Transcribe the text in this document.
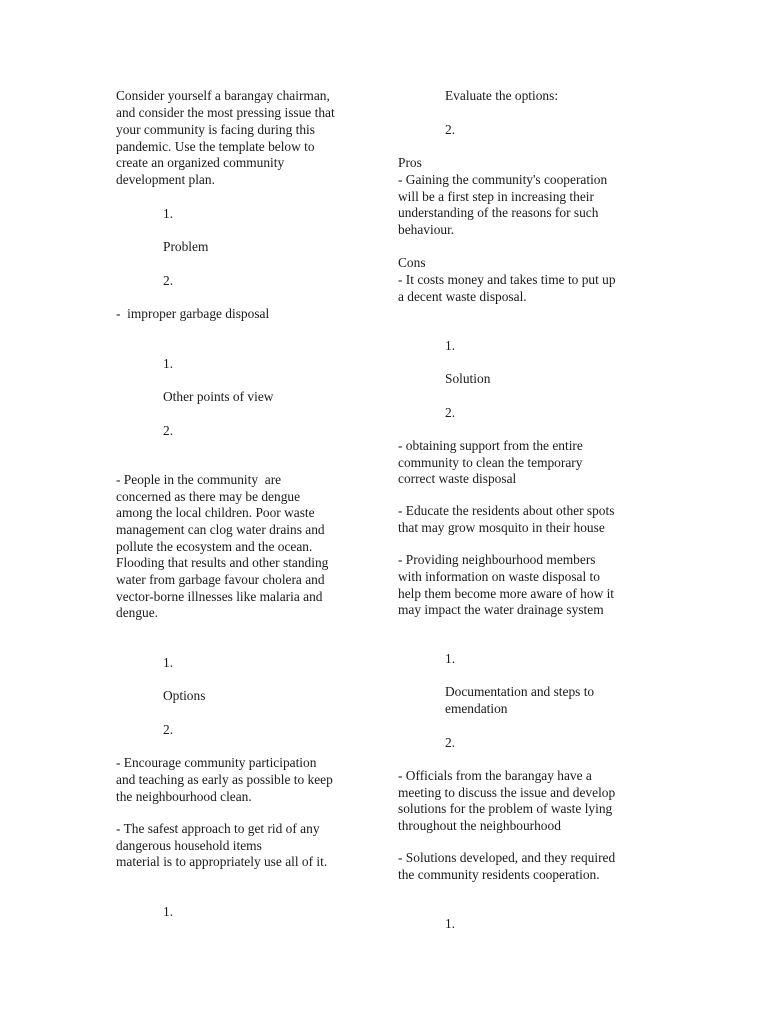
Consider yourself a barangay chairman,

and consider the most pressing issue that

your community is facing during this

pandemic. Use the template below to

create an organized community

development plan.

1.

Problem

2.

-  improper garbage disposal

1.

Other points of view

2.

- People in the community  are

concerned as there may be dengue

among the local children. Poor waste

management can clog water drains and

pollute the ecosystem and the ocean.

Flooding that results and other standing

water from garbage favour cholera and

vector-borne illnesses like malaria and

dengue.

1.

Options

2.

- Encourage community participation

and teaching as early as possible to keep

the neighbourhood clean.

- The safest approach to get rid of any

dangerous household items

material is to appropriately use all of it.

1.

Evaluate the options:

2.

Pros

- Gaining the community's cooperation

will be a first step in increasing their

understanding of the reasons for such

behaviour.

Cons

- It costs money and takes time to put up

a decent waste disposal.

1.

Solution

2.

- obtaining support from the entire

community to clean the temporary

correct waste disposal

- Educate the residents about other spots

that may grow mosquito in their house

- Providing neighbourhood members

with information on waste disposal to

help them become more aware of how it

may impact the water drainage system

1.

Documentation and steps to

emendation

2.

- Officials from the barangay have a

meeting to discuss the issue and develop

solutions for the problem of waste lying

throughout the neighbourhood

- Solutions developed, and they required

the community residents cooperation.

1.
